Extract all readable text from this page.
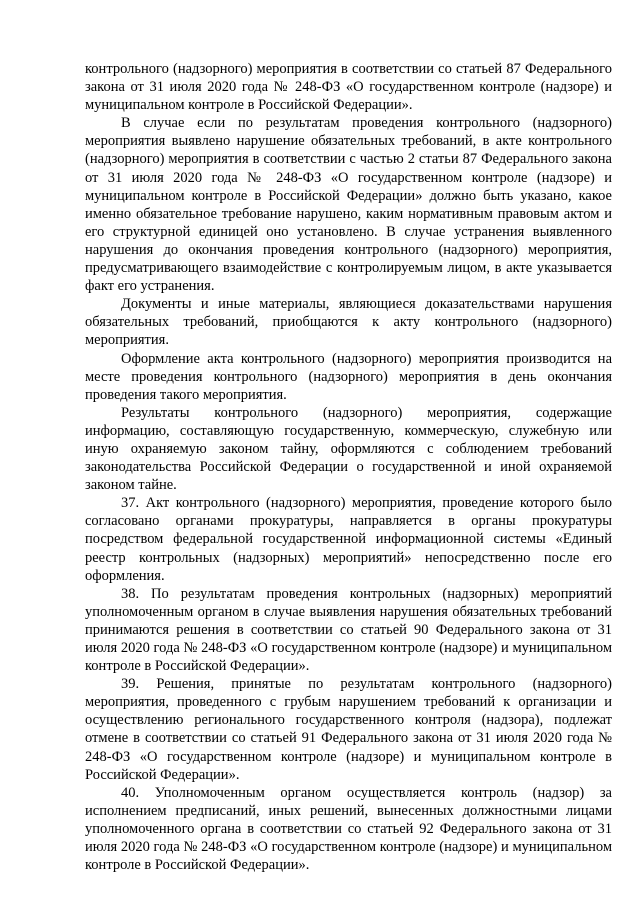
контрольного (надзорного) мероприятия в соответствии со статьей 87 Федерального закона от 31 июля 2020 года № 248-ФЗ «О государственном контроле (надзоре) и муниципальном контроле в Российской Федерации».

В случае если по результатам проведения контрольного (надзорного) мероприятия выявлено нарушение обязательных требований, в акте контрольного (надзорного) мероприятия в соответствии с частью 2 статьи 87 Федерального закона от 31 июля 2020 года № 248-ФЗ «О государственном контроле (надзоре) и муниципальном контроле в Российской Федерации» должно быть указано, какое именно обязательное требование нарушено, каким нормативным правовым актом и его структурной единицей оно установлено. В случае устранения выявленного нарушения до окончания проведения контрольного (надзорного) мероприятия, предусматривающего взаимодействие с контролируемым лицом, в акте указывается факт его устранения.

Документы и иные материалы, являющиеся доказательствами нарушения обязательных требований, приобщаются к акту контрольного (надзорного) мероприятия.

Оформление акта контрольного (надзорного) мероприятия производится на месте проведения контрольного (надзорного) мероприятия в день окончания проведения такого мероприятия.

Результаты контрольного (надзорного) мероприятия, содержащие информацию, составляющую государственную, коммерческую, служебную или иную охраняемую законом тайну, оформляются с соблюдением требований законодательства Российской Федерации о государственной и иной охраняемой законом тайне.

37. Акт контрольного (надзорного) мероприятия, проведение которого было согласовано органами прокуратуры, направляется в органы прокуратуры посредством федеральной государственной информационной системы «Единый реестр контрольных (надзорных) мероприятий» непосредственно после его оформления.

38. По результатам проведения контрольных (надзорных) мероприятий уполномоченным органом в случае выявления нарушения обязательных требований принимаются решения в соответствии со статьей 90 Федерального закона от 31 июля 2020 года № 248-ФЗ «О государственном контроле (надзоре) и муниципальном контроле в Российской Федерации».

39. Решения, принятые по результатам контрольного (надзорного) мероприятия, проведенного с грубым нарушением требований к организации и осуществлению регионального государственного контроля (надзора), подлежат отмене в соответствии со статьей 91 Федерального закона от 31 июля 2020 года № 248-ФЗ «О государственном контроле (надзоре) и муниципальном контроле в Российской Федерации».

40. Уполномоченным органом осуществляется контроль (надзор) за исполнением предписаний, иных решений, вынесенных должностными лицами уполномоченного органа в соответствии со статьей 92 Федерального закона от 31 июля 2020 года № 248-ФЗ «О государственном контроле (надзоре) и муниципальном контроле в Российской Федерации».
